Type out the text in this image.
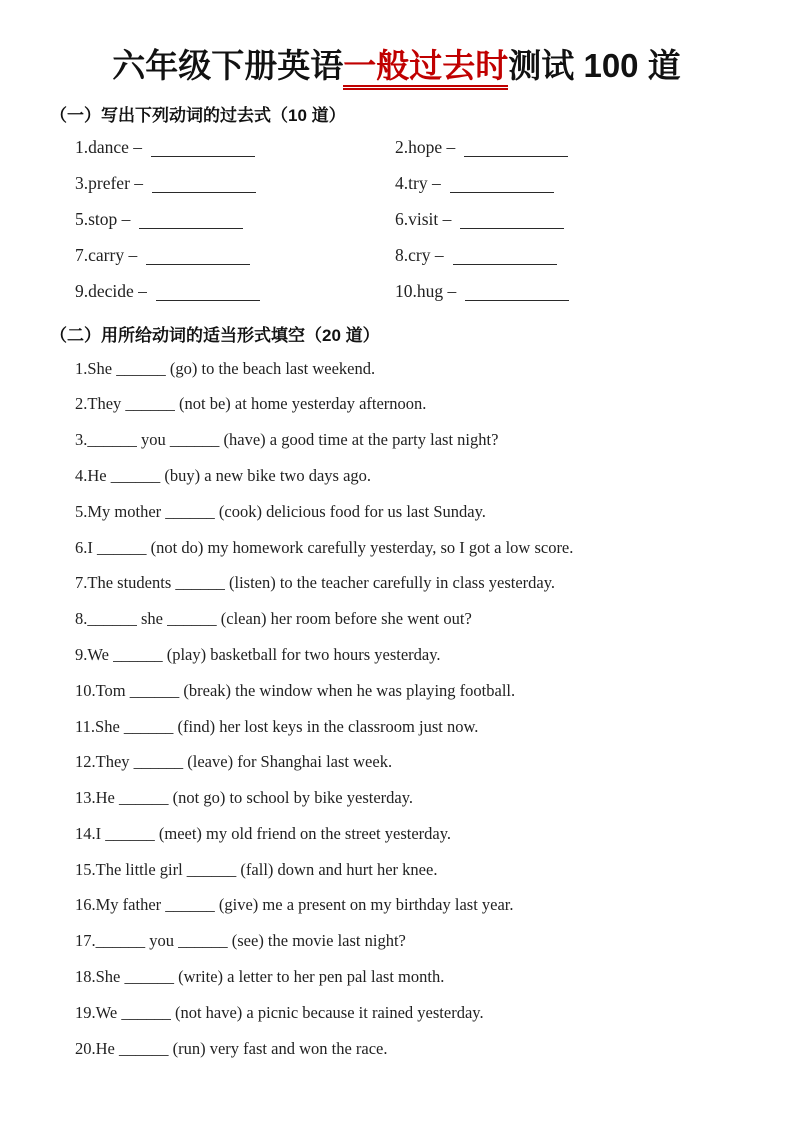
六年级下册英语一般过去时测试 100 道
（一）写出下列动词的过去式（10 道）
1.dance –	2.hope –
3.prefer –	4.try –
5.stop –	6.visit –
7.carry –	8.cry –
9.decide –	10.hug –
（二）用所给动词的适当形式填空（20 道）
1.She ______ (go) to the beach last weekend.
2.They ______ (not be) at home yesterday afternoon.
3.______ you ______ (have) a good time at the party last night?
4.He ______ (buy) a new bike two days ago.
5.My mother ______ (cook) delicious food for us last Sunday.
6.I ______ (not do) my homework carefully yesterday, so I got a low score.
7.The students ______ (listen) to the teacher carefully in class yesterday.
8.______ she ______ (clean) her room before she went out?
9.We ______ (play) basketball for two hours yesterday.
10.Tom ______ (break) the window when he was playing football.
11.She ______ (find) her lost keys in the classroom just now.
12.They ______ (leave) for Shanghai last week.
13.He ______ (not go) to school by bike yesterday.
14.I ______ (meet) my old friend on the street yesterday.
15.The little girl ______ (fall) down and hurt her knee.
16.My father ______ (give) me a present on my birthday last year.
17.______ you ______ (see) the movie last night?
18.She ______ (write) a letter to her pen pal last month.
19.We ______ (not have) a picnic because it rained yesterday.
20.He ______ (run) very fast and won the race.
